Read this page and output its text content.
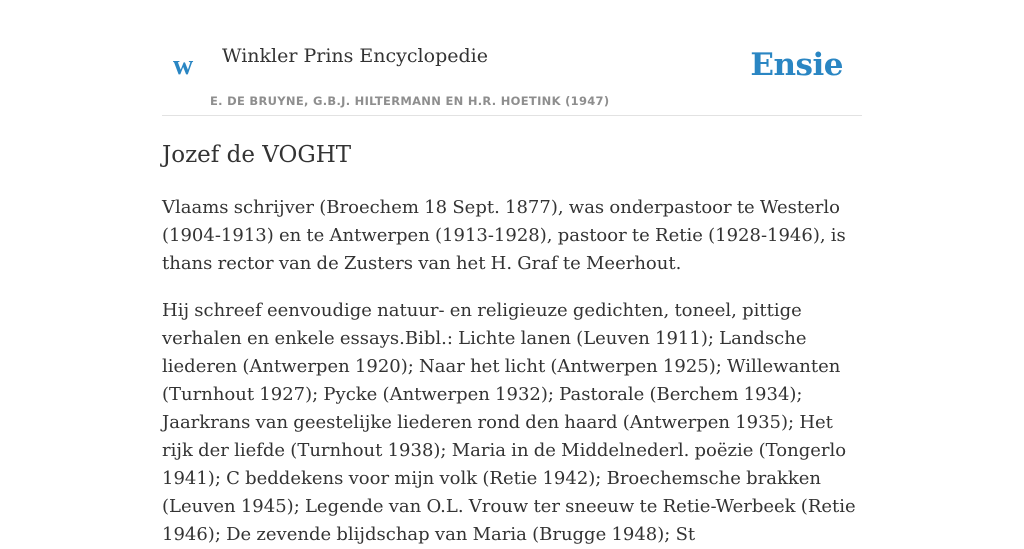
w Winkler Prins Encyclopedie
E. DE BRUYNE, G.B.J. HILTERMANN EN H.R. HOETINK (1947)
Ensie
Jozef de VOGHT

Vlaams schrijver (Broechem 18 Sept. 1877), was onderpastoor te Westerlo (1904-1913) en te Antwerpen (1913-1928), pastoor te Retie (1928-1946), is thans rector van de Zusters van het H. Graf te Meerhout.

Hij schreef eenvoudige natuur- en religieuze gedichten, toneel, pittige verhalen en enkele essays.Bibl.: Lichte lanen (Leuven 1911); Landsche liederen (Antwerpen 1920); Naar het licht (Antwerpen 1925); Willewanten (Turnhout 1927); Pycke (Antwerpen 1932); Pastorale (Berchem 1934); Jaarkrans van geestelijke liederen rond den haard (Antwerpen 1935); Het rijk der liefde (Turnhout 1938); Maria in de Middelnederl. poëzie (Tongerlo 1941); C beddekens voor mijn volk (Retie 1942); Broechemsche brakken (Leuven 1945); Legende van O.L. Vrouw ter sneeuw te Retie-Werbeek (Retie 1946); De zevende blijdschap van Maria (Brugge 1948); St
